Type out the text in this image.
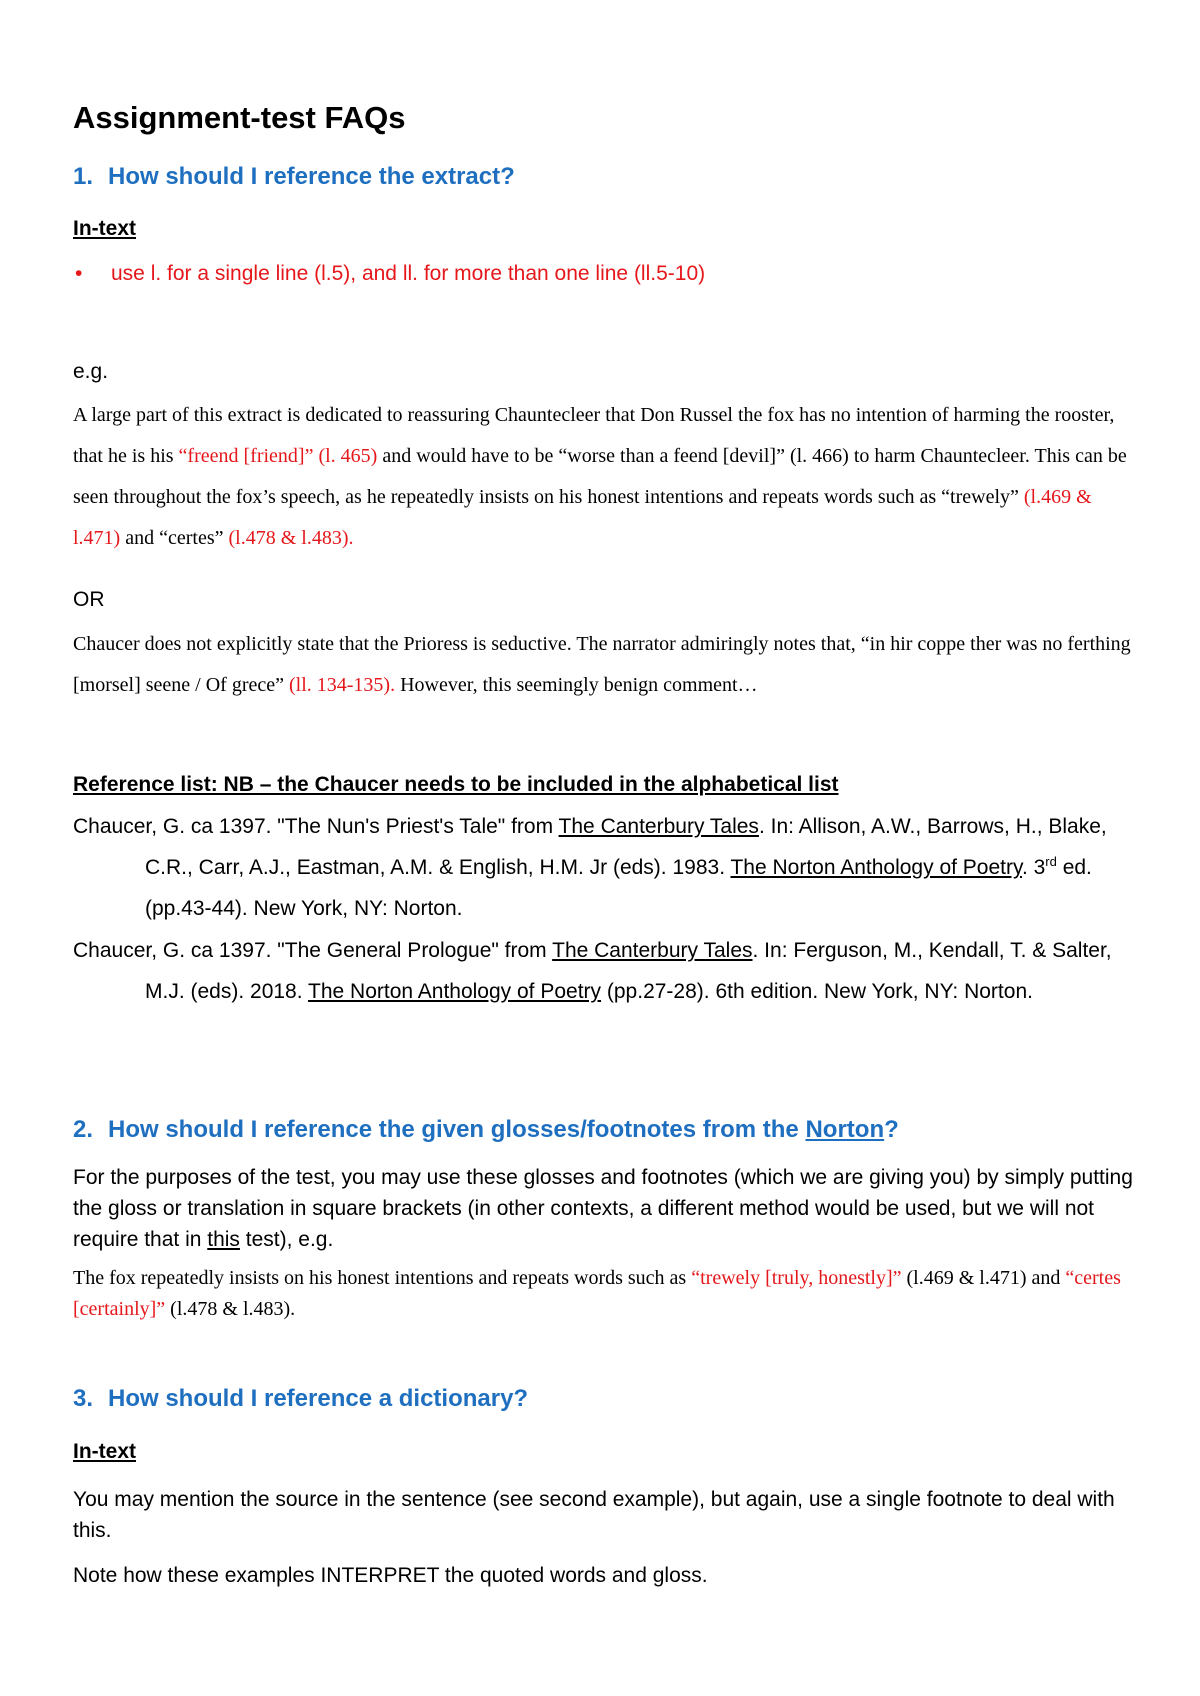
Assignment-test FAQs
1. How should I reference the extract?
In-text
• use l. for a single line (l.5), and ll. for more than one line (ll.5-10)
e.g.
A large part of this extract is dedicated to reassuring Chauntecleer that Don Russel the fox has no intention of harming the rooster, that he is his “freend [friend]” (l. 465) and would have to be “worse than a feend [devil]” (l. 466) to harm Chauntecleer. This can be seen throughout the fox’s speech, as he repeatedly insists on his honest intentions and repeats words such as “trewely” (l.469 & l.471) and “certes” (l.478 & l.483).
OR
Chaucer does not explicitly state that the Prioress is seductive. The narrator admiringly notes that, “in hir coppe ther was no ferthing [morsel] seene / Of grece” (ll. 134-135). However, this seemingly benign comment…
Reference list: NB – the Chaucer needs to be included in the alphabetical list
Chaucer, G. ca 1397. "The Nun's Priest's Tale" from The Canterbury Tales. In: Allison, A.W., Barrows, H., Blake, C.R., Carr, A.J., Eastman, A.M. & English, H.M. Jr (eds). 1983. The Norton Anthology of Poetry. 3rd ed. (pp.43-44). New York, NY: Norton.
Chaucer, G. ca 1397. "The General Prologue" from The Canterbury Tales. In: Ferguson, M., Kendall, T. & Salter, M.J. (eds). 2018. The Norton Anthology of Poetry (pp.27-28). 6th edition. New York, NY: Norton.
2. How should I reference the given glosses/footnotes from the Norton?
For the purposes of the test, you may use these glosses and footnotes (which we are giving you) by simply putting the gloss or translation in square brackets (in other contexts, a different method would be used, but we will not require that in this test), e.g.
The fox repeatedly insists on his honest intentions and repeats words such as “trewely [truly, honestly]” (l.469 & l.471) and “certes [certainly]” (l.478 & l.483).
3. How should I reference a dictionary?
In-text
You may mention the source in the sentence (see second example), but again, use a single footnote to deal with this.
Note how these examples INTERPRET the quoted words and gloss.
